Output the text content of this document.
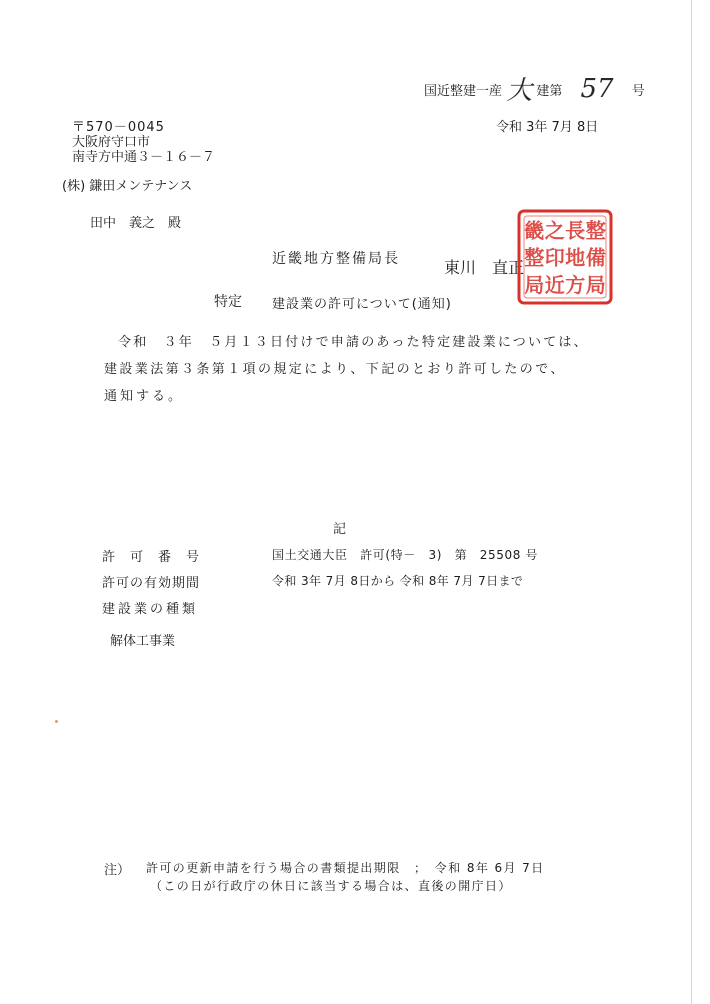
国近整建一産 大 建第 57 号
令和 3年 7月 8日
〒570－0045
大阪府守口市
南寺方中通３－１６－７
(株) 鎌田メンテナンス
田中　義之　殿
近畿地方整備局長	東川　直正
整
備
局
長
地
方
之
印
近
畿
整
局
特定 建設業の許可について(通知)
令和　３年　５月１３日付けで申請のあった特定建設業については、
建設業法第３条第１項の規定により、下記のとおり許可したので、
通知する。
記
許　可　番　号	国土交通大臣　許可(特－　3)　第　25508 号
許可の有効期間	令和 3年 7月 8日から 令和 8年 7月 7日まで
建設業の種類
解体工事業
注） 許可の更新申請を行う場合の書類提出期限　；　令和 8年 6月 7日
（この日が行政庁の休日に該当する場合は、直後の開庁日）
